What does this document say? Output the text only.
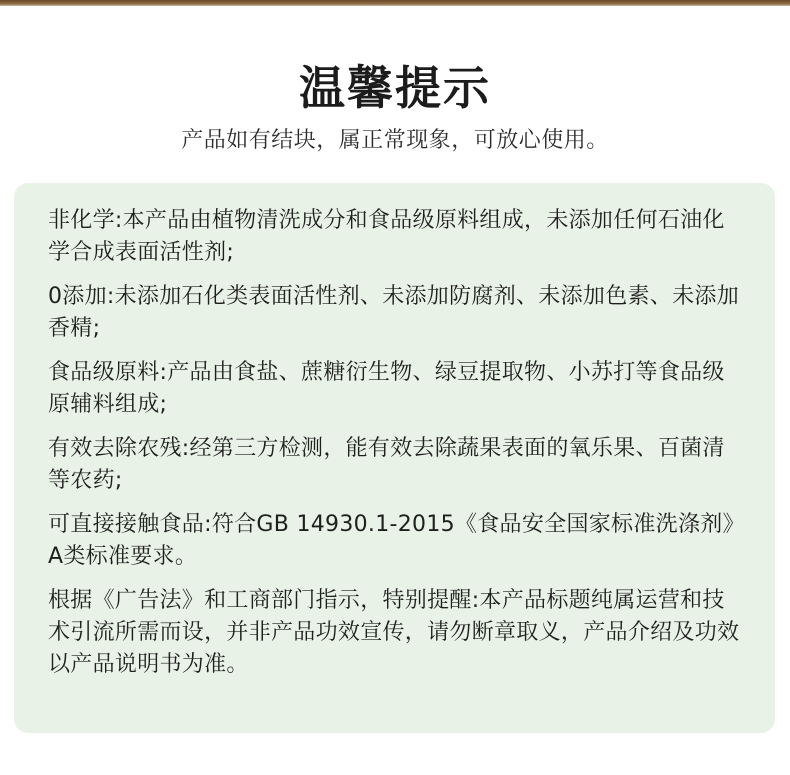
温馨提示
产品如有结块，属正常现象，可放心使用。

非化学:本产品由植物清洗成分和食品级原料组成，未添加任何石油化学合成表面活性剂;

0添加:未添加石化类表面活性剂、未添加防腐剂、未添加色素、未添加香精;

食品级原料:产品由食盐、蔗糖衍生物、绿豆提取物、小苏打等食品级原辅料组成;

有效去除农残:经第三方检测，能有效去除蔬果表面的氧乐果、百菌清等农药;

可直接接触食品:符合GB 14930.1-2015《食品安全国家标准洗涤剂》A类标准要求。

根据《广告法》和工商部门指示，特别提醒:本产品标题纯属运营和技术引流所需而设，并非产品功效宣传，请勿断章取义，产品介绍及功效以产品说明书为准。
